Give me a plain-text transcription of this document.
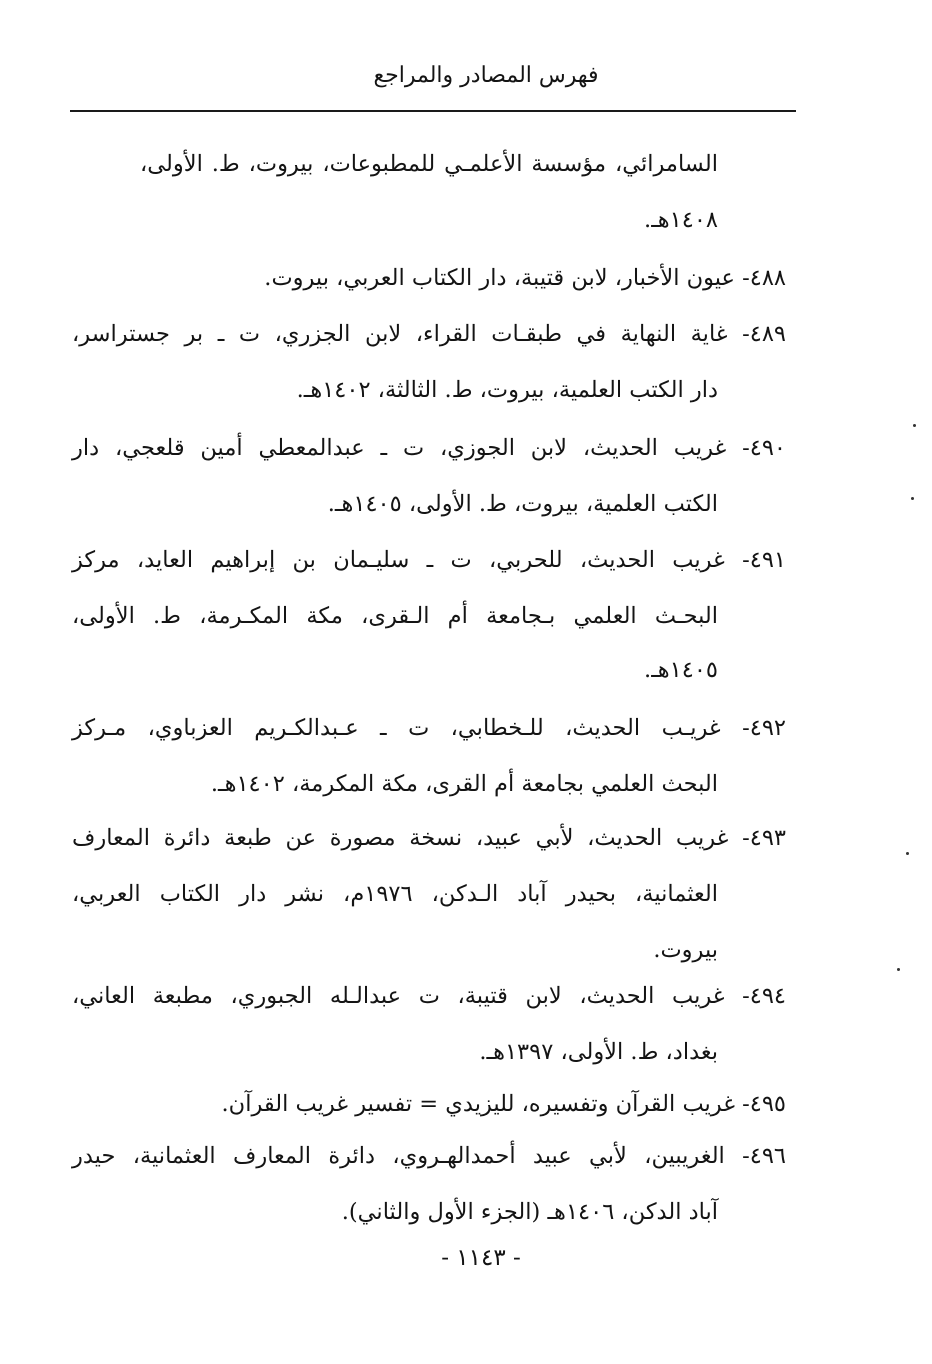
فهرس المصادر والمراجع
السامرائي، مؤسسة الأعلمـي للمطبوعات، بيروت، ط. الأولى،
١٤٠٨هـ.
٤٨٨- عيون الأخبار، لابن قتيبة، دار الكتاب العربي، بيروت.
٤٨٩- غاية النهاية في طبقـات القراء، لابن الجزري، ت ـ بر جستراسر،
دار الكتب العلمية، بيروت، ط. الثالثة، ١٤٠٢هـ.
٤٩٠- غريب الحديث، لابن الجوزي، ت ـ عبدالمعطي أمين قلعجي، دار
الكتب العلمية، بيروت، ط. الأولى، ١٤٠٥هـ.
٤٩١- غريب الحديث، للحربي، ت ـ سليـمان بن إبراهيم العايد، مركز
البحـث العلمي بـجامعة أم الـقرى، مكة المكـرمة، ط. الأولى،
١٤٠٥هـ.
٤٩٢- غريـب الحديث، للـخطابي، ت ـ عـبدالكـريم العزباوي، مـركز
البحث العلمي بجامعة أم القرى، مكة المكرمة، ١٤٠٢هـ.
٤٩٣- غريب الحديث، لأبي عبيد، نسخة مصورة عن طبعة دائرة المعارف
العثمانية، بحيدر آباد الـدكن، ١٩٧٦م، نشر دار الكتاب العربي،
بيروت.
٤٩٤- غريب الحديث، لابن قتيبة، ت عبدالـله الجبوري، مطبعة العاني،
بغداد، ط. الأولى، ١٣٩٧هـ.
٤٩٥- غريب القرآن وتفسيره، لليزيدي = تفسير غريب القرآن.
٤٩٦- الغريبين، لأبي عبيد أحمدالهـروي، دائرة المعارف العثمانية، حيدر
آباد الدكن، ١٤٠٦هـ (الجزء الأول والثاني).
- ١١٤٣ -
